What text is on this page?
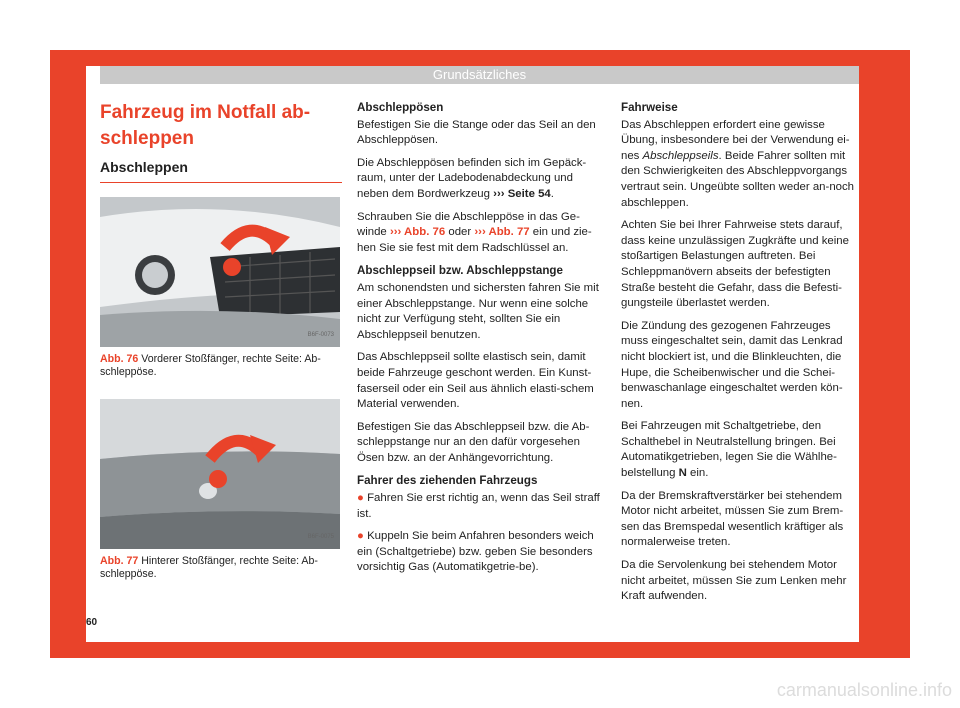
Grundsätzliches
Fahrzeug im Notfall ab-
schleppen
Abschleppen
B6F-0073
Abb. 76 Vorderer Stoßfänger, rechte Seite: Ab-schleppöse.
B6F-0075
Abb. 77 Hinterer Stoßfänger, rechte Seite: Ab-schleppöse.
Abschleppösen

Befestigen Sie die Stange oder das Seil an den Abschleppösen.

Die Abschleppösen befinden sich im Gepäck-raum, unter der Ladebodenabdeckung und neben dem Bordwerkzeug ››› Seite 54.

Schrauben Sie die Abschleppöse in das Ge-winde ››› Abb. 76 oder ››› Abb. 77 ein und zie-hen Sie sie fest mit dem Radschlüssel an.

Abschleppseil bzw. Abschleppstange

Am schonendsten und sichersten fahren Sie mit einer Abschleppstange. Nur wenn eine solche nicht zur Verfügung steht, sollten Sie ein Abschleppseil benutzen.

Das Abschleppseil sollte elastisch sein, damit beide Fahrzeuge geschont werden. Ein Kunst-faserseil oder ein Seil aus ähnlich elasti-schem Material verwenden.

Befestigen Sie das Abschleppseil bzw. die Ab-schleppstange nur an den dafür vorgesehen Ösen bzw. an der Anhängevorrichtung.

Fahrer des ziehenden Fahrzeugs
● Fahren Sie erst richtig an, wenn das Seil straff ist.
● Kuppeln Sie beim Anfahren besonders weich ein (Schaltgetriebe) bzw. geben Sie besonders vorsichtig Gas (Automatikgetrie-be).
Fahrweise

Das Abschleppen erfordert eine gewisse Übung, insbesondere bei der Verwendung ei-nes Abschleppseils. Beide Fahrer sollten mit den Schwierigkeiten des Abschleppvorgangs vertraut sein. Ungeübte sollten weder an-noch abschleppen.

Achten Sie bei Ihrer Fahrweise stets darauf, dass keine unzulässigen Zugkräfte und keine stoßartigen Belastungen auftreten. Bei Schleppmanövern abseits der befestigten Straße besteht die Gefahr, dass die Befesti-gungsteile überlastet werden.

Die Zündung des gezogenen Fahrzeuges muss eingeschaltet sein, damit das Lenkrad nicht blockiert ist, und die Blinkleuchten, die Hupe, die Scheibenwischer und die Schei-benwaschanlage eingeschaltet werden kön-nen.

Bei Fahrzeugen mit Schaltgetriebe, den Schalthebel in Neutralstellung bringen. Bei Automatikgetrieben, legen Sie die Wählhe-belstellung N ein.

Da der Bremskraftverstärker bei stehendem Motor nicht arbeitet, müssen Sie zum Brem-sen das Bremspedal wesentlich kräftiger als normalerweise treten.

Da die Servolenkung bei stehendem Motor nicht arbeitet, müssen Sie zum Lenken mehr Kraft aufwenden.

60
carmanualsonline.info
